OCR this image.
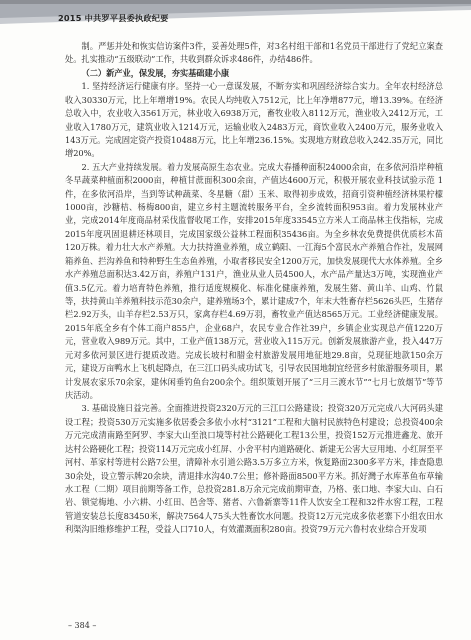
2015 中共罗平县委执政纪要

制。严惩并处和恢实信访案件3件，妥善处理5件，对3名村组干部和1名党员干部进行了党纪立案查处。扎实推动“五级联动”工作，共收到群众诉求486件，办结486件。

（二）新产业，保发展，夯实基础建小康

1. 坚持经济运行健康有序。坚持一心一意谋发展，不断夯实和巩固经济综合实力。全年农村经济总收入30330万元，比上年增增19%。农民人均纯收入7512元，比上年净增877元，增13.39%。在经济总收入中，农业收入3561万元，林业收入6938万元，畜牧业收入8112万元，渔业收入2412万元，工业收入1780万元，建筑业收入1214万元，运输业收入2483万元，商饮业收入2400万元，服务业收入143万元。完成固定资产投资10488万元，比上年增236.15%。实现地方财政总收入242.35万元，同比增20%。

2. 五大产业持续发展。着力发展高原生态农业。完成大春播种面积24000余亩，在多依河沿岸种植冬早蔬菜种植面积2000亩，种植甘蔗面积300余亩，产值达4600万元，积极开展农业科技试验示范 1 件，在多依河沿岸，当到等试种蔬菜、冬星糖（甜）玉米、取得初步成效，招商引资种植经济林果柠檬1000亩，沙糖桔、杨梅800亩，建立乡村主题流转服务平台，全乡流转面积953亩。着力发展林业产业，完成2014年度商品材采伐监督收尾工作，安排2015年度33545立方米人工商品林主伐指标，完成2015年度巩固退耕还林项目，完成国家级公益林工程面积35436亩。为全乡林农免费提供优质杉木苗120万株。着力壮大水产养殖。大力扶持渔业养殖，成立鹤阳、一江海5个富民水产养殖合作社，发展网箱养鱼、拦沟养鱼和特种野生生态鱼养殖，小取者移民安全1200万元，加快发展现代大水体养殖。全乡水产养殖总面积达3.42万亩，养殖户131户，渔业从业人员4500人，水产品产量达3万吨，实现渔业产值3.5亿元。着力培育特色养殖，推行适度规模化、标准化健康养殖，发展生猪、黄山羊、山鸡、竹鼠等，扶持黄山羊养殖科技示范30余户，建养殖场3个，累计建成7个，年末大牲畜存栏5626头匹，生猪存栏2.92万头，山羊存栏2.53万只，家禽存栏4.69万羽，畜牧业产值达8565万元。工业经济健康发展。2015年底全乡有个体工商户855户，企业68户，农民专业合作社39户，乡镇企业实现总产值1220万元，营业收入989万元。其中，工业产值138万元，营业收入115万元。创新发展旅游产业，投入447万元对多依河景区进行提质改造。完成长坡村和腊金村旅游发展用地征地29.8亩，兑现征地款150余万元，建设万亩鸭水上飞机起降点，在三江口码头成功试飞，引导农民国地制宜经营乡村旅游服务项目，累计发展农家乐70余家，建休闲垂钓鱼台200余个。组织策划开展了“三月三渡水节”“七月七放烟节”等节庆活动。

3. 基础设施日益完善。全面推进投资2320万元的三江口公路建设；投资320万元完成八大河码头建设工程；投资530万元实施多依居委会多依小水村“3121”工程和大脑村民族特色村建设；总投资400余万元完成清南路至阿罗、李家大山至浪口境等村社公路硬化工程13公里，投资152万元推进鑫龙、旅开达村公路硬化工程；投资114万元完成小红屏、小舍平村内道路硬化、新建无公害大豆用地、小红屏至平河村、革家村等进村公路7公里，清障补水引道公路3.5万多立方米，恢复路面2300多平方米，排查隐患30余处，设立警示牌20余块，清退排水沟40.7公里；修补路面8500平方米。抓好灣子水库革鱼布草输水工程（二期）项目前期等备工作，总投资281.8万余元完成前期审查，乃格、张口地、李家大山、白石岩、锁觉梅地、小六耕、小红田、邑舍等、猪者、六鲁新寨等11件人饮安全工程和32件水窖工程，工程管道安装总长度83450米，解决7564人75头大牲畜饮水问题。投资12万元完成多依老寨下小组农田水利渠沟旧维修维护工程，受益人口710人，有效灌溉面积280亩。投资79万元六鲁村农业综合开发项

– 384 –
